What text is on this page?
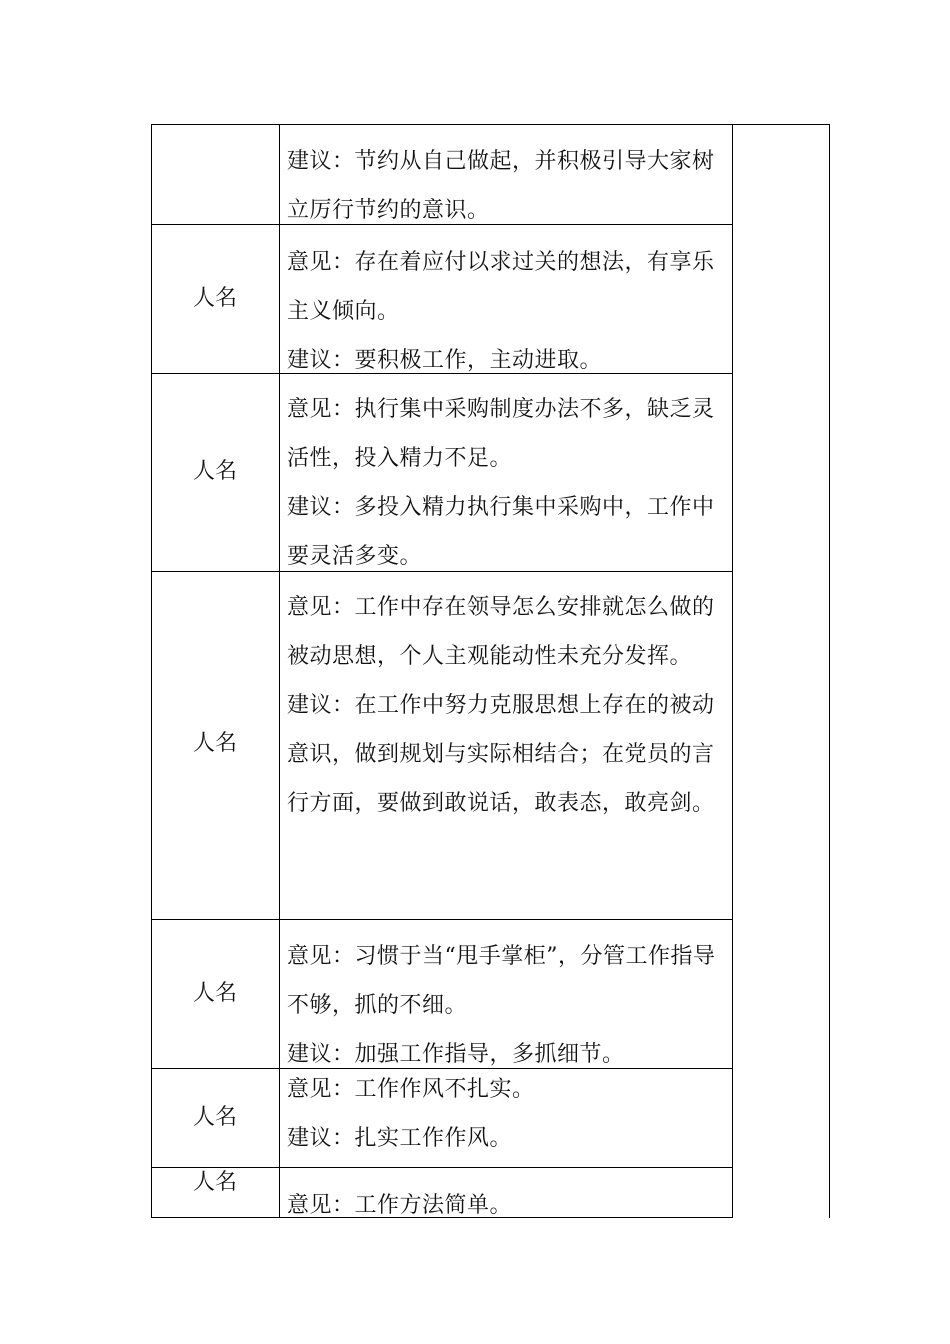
建议：节约从自己做起，并积极引导大家树立厉行节约的意识。

人名

意见：存在着应付以求过关的想法，有享乐主义倾向。

建议：要积极工作，主动进取。

人名

意见：执行集中采购制度办法不多，缺乏灵活性，投入精力不足。

建议：多投入精力执行集中采购中，工作中要灵活多变。

人名

意见：工作中存在领导怎么安排就怎么做的被动思想，个人主观能动性未充分发挥。

建议：在工作中努力克服思想上存在的被动意识，做到规划与实际相结合；在党员的言行方面，要做到敢说话，敢表态，敢亮剑。

人名

意见：习惯于当“甩手掌柜”，分管工作指导不够，抓的不细。

建议：加强工作指导，多抓细节。

人名

意见：工作作风不扎实。

建议：扎实工作作风。

人名

意见：工作方法简单。
